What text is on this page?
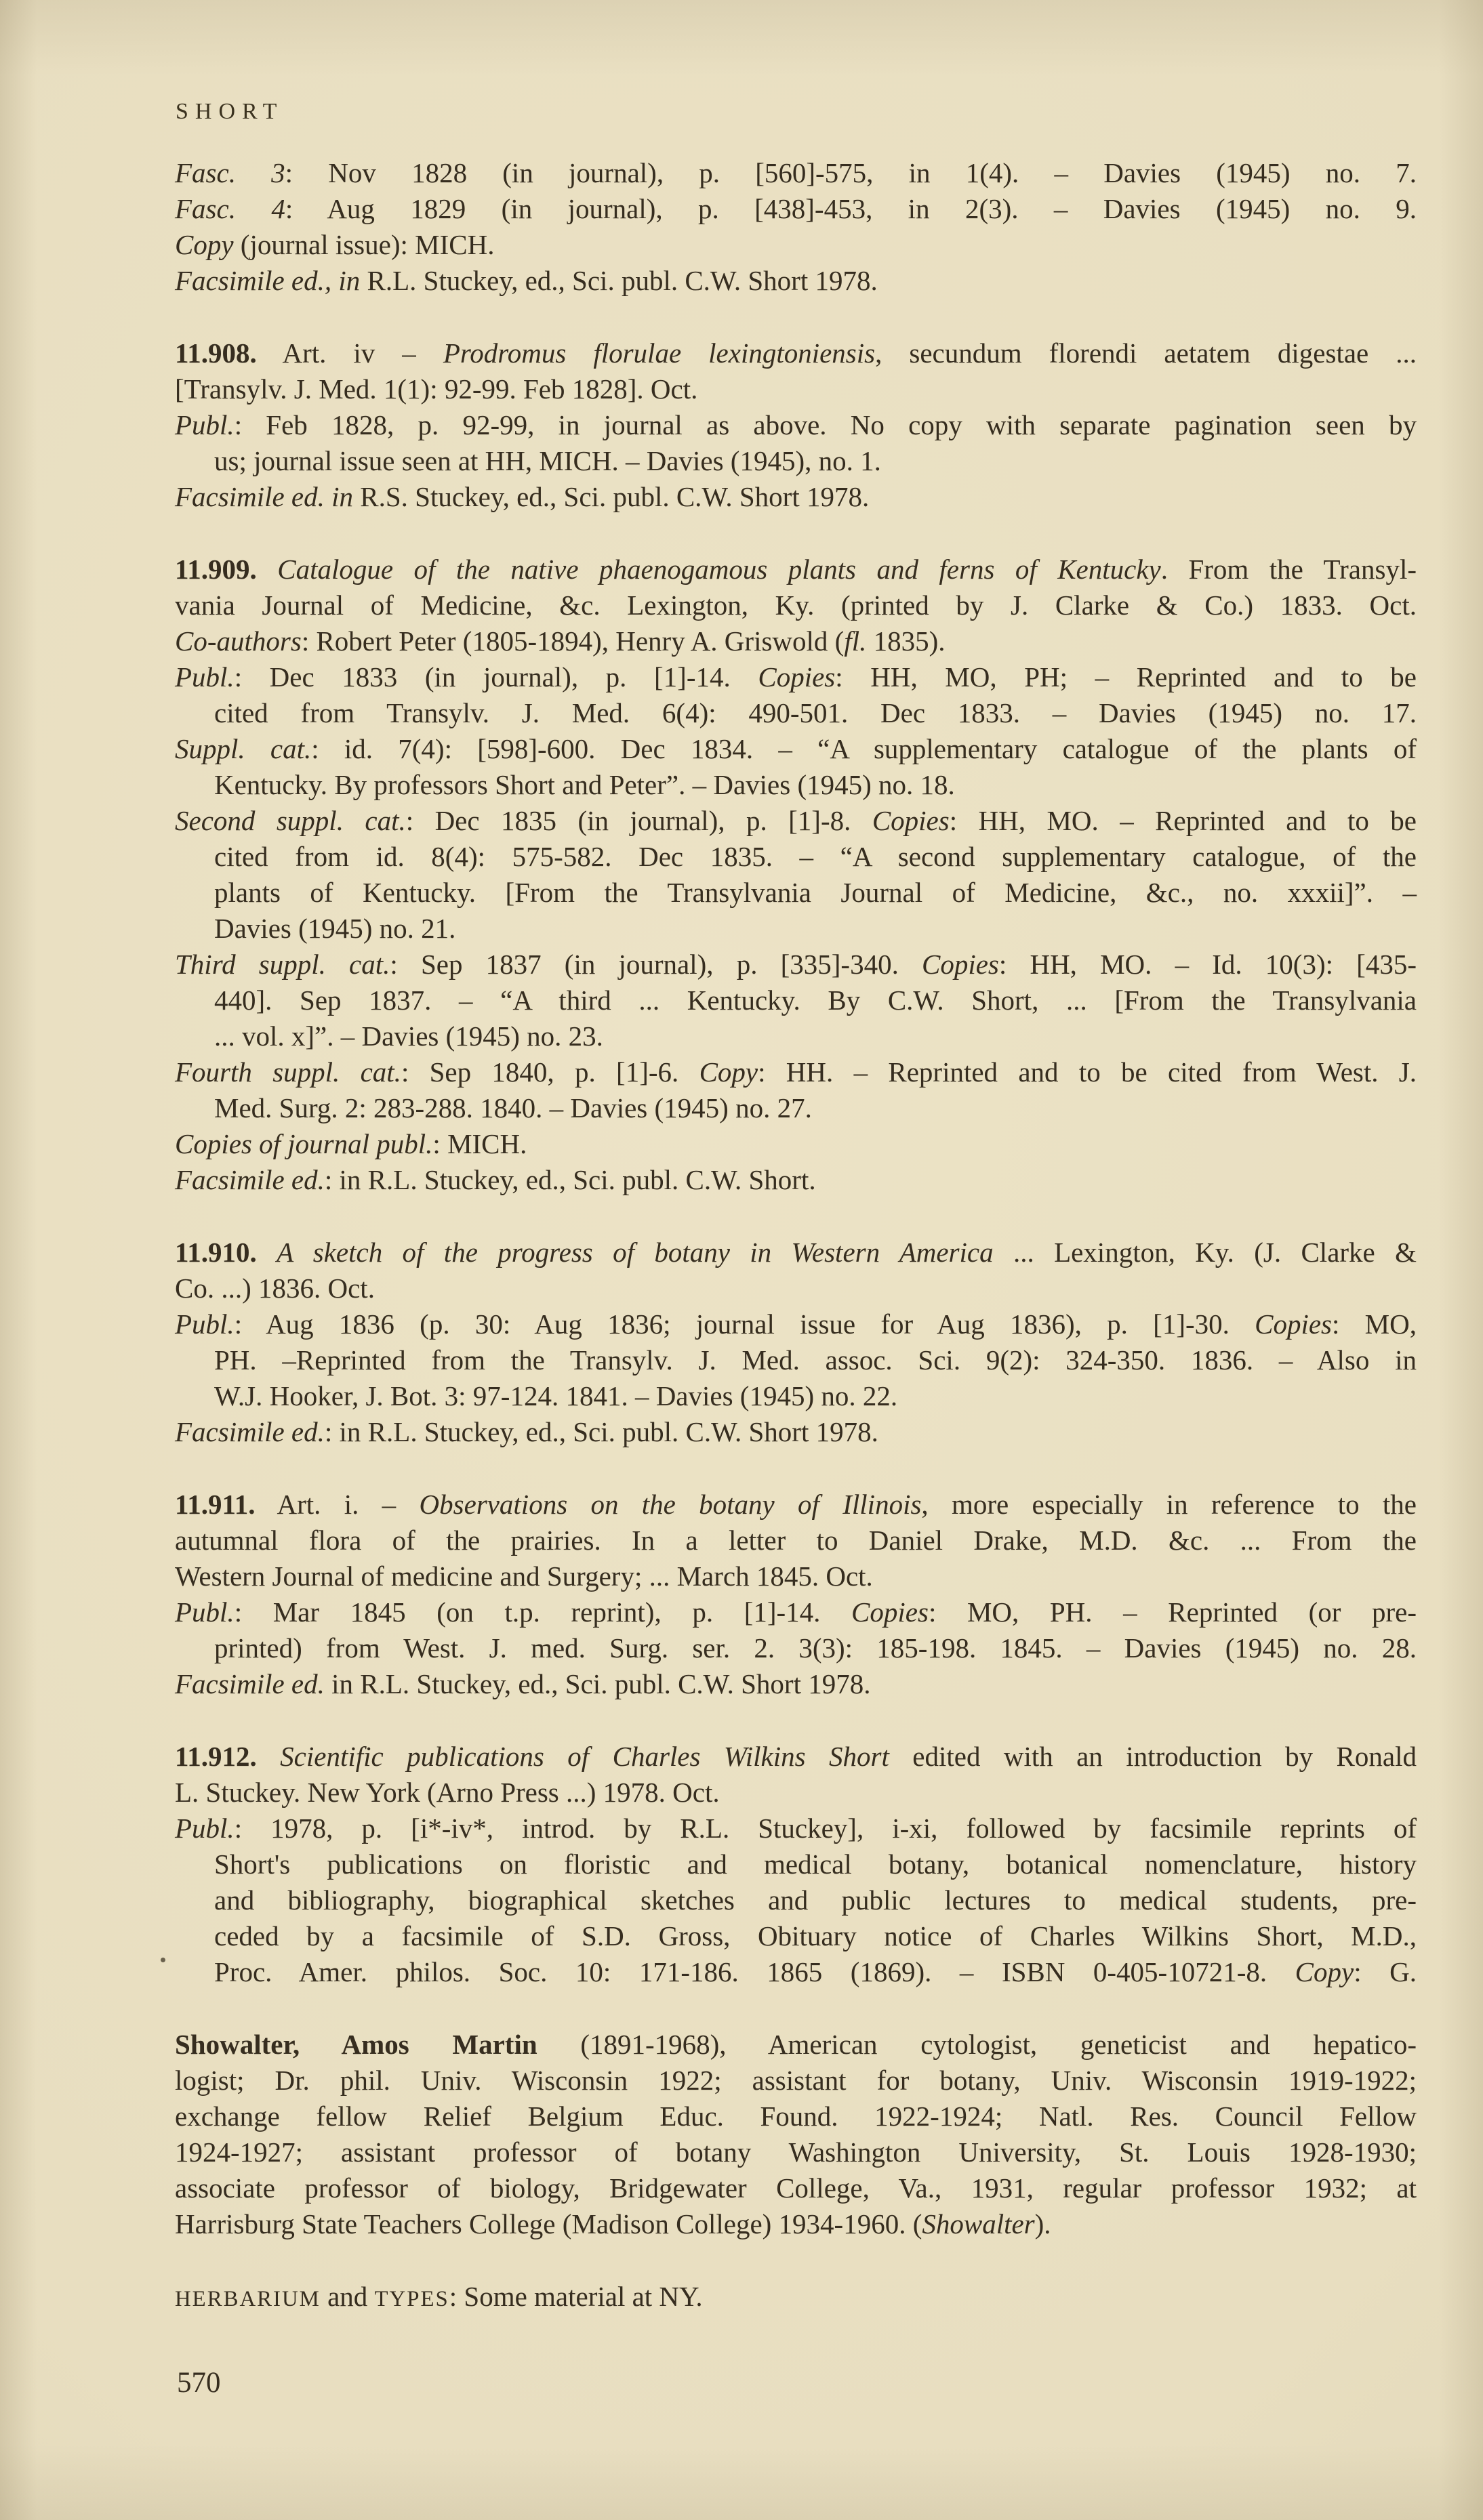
SHORT
Fasc. 3: Nov 1828 (in journal), p. [560]-575, in 1(4). – Davies (1945) no. 7.
Fasc. 4: Aug 1829 (in journal), p. [438]-453, in 2(3). – Davies (1945) no. 9.
Copy (journal issue): MICH.
Facsimile ed., in R.L. Stuckey, ed., Sci. publ. C.W. Short 1978.
11.908. Art. iv – Prodromus florulae lexingtoniensis, secundum florendi aetatem digestae ...
[Transylv. J. Med. 1(1): 92-99. Feb 1828]. Oct.
Publ.: Feb 1828, p. 92-99, in journal as above. No copy with separate pagination seen by
us; journal issue seen at HH, MICH. – Davies (1945), no. 1.
Facsimile ed. in R.S. Stuckey, ed., Sci. publ. C.W. Short 1978.
11.909. Catalogue of the native phaenogamous plants and ferns of Kentucky. From the Transyl-
vania Journal of Medicine, &c. Lexington, Ky. (printed by J. Clarke & Co.) 1833. Oct.
Co-authors: Robert Peter (1805-1894), Henry A. Griswold (fl. 1835).
Publ.: Dec 1833 (in journal), p. [1]-14. Copies: HH, MO, PH; – Reprinted and to be
cited from Transylv. J. Med. 6(4): 490-501. Dec 1833. – Davies (1945) no. 17.
Suppl. cat.: id. 7(4): [598]-600. Dec 1834. – “A supplementary catalogue of the plants of
Kentucky. By professors Short and Peter”. – Davies (1945) no. 18.
Second suppl. cat.: Dec 1835 (in journal), p. [1]-8. Copies: HH, MO. – Reprinted and to be
cited from id. 8(4): 575-582. Dec 1835. – “A second supplementary catalogue, of the
plants of Kentucky. [From the Transylvania Journal of Medicine, &c., no. xxxii]”. –
Davies (1945) no. 21.
Third suppl. cat.: Sep 1837 (in journal), p. [335]-340. Copies: HH, MO. – Id. 10(3): [435-
440]. Sep 1837. – “A third ... Kentucky. By C.W. Short, ... [From the Transylvania
... vol. x]”. – Davies (1945) no. 23.
Fourth suppl. cat.: Sep 1840, p. [1]-6. Copy: HH. – Reprinted and to be cited from West. J.
Med. Surg. 2: 283-288. 1840. – Davies (1945) no. 27.
Copies of journal publ.: MICH.
Facsimile ed.: in R.L. Stuckey, ed., Sci. publ. C.W. Short.
11.910. A sketch of the progress of botany in Western America ... Lexington, Ky. (J. Clarke &
Co. ...) 1836. Oct.
Publ.: Aug 1836 (p. 30: Aug 1836; journal issue for Aug 1836), p. [1]-30. Copies: MO,
PH. –Reprinted from the Transylv. J. Med. assoc. Sci. 9(2): 324-350. 1836. – Also in
W.J. Hooker, J. Bot. 3: 97-124. 1841. – Davies (1945) no. 22.
Facsimile ed.: in R.L. Stuckey, ed., Sci. publ. C.W. Short 1978.
11.911. Art. i. – Observations on the botany of Illinois, more especially in reference to the
autumnal flora of the prairies. In a letter to Daniel Drake, M.D. &c. ... From the
Western Journal of medicine and Surgery; ... March 1845. Oct.
Publ.: Mar 1845 (on t.p. reprint), p. [1]-14. Copies: MO, PH. – Reprinted (or pre-
printed) from West. J. med. Surg. ser. 2. 3(3): 185-198. 1845. – Davies (1945) no. 28.
Facsimile ed. in R.L. Stuckey, ed., Sci. publ. C.W. Short 1978.
11.912. Scientific publications of Charles Wilkins Short edited with an introduction by Ronald
L. Stuckey. New York (Arno Press ...) 1978. Oct.
Publ.: 1978, p. [i*-iv*, introd. by R.L. Stuckey], i-xi, followed by facsimile reprints of
Short's publications on floristic and medical botany, botanical nomenclature, history
and bibliography, biographical sketches and public lectures to medical students, pre-
ceded by a facsimile of S.D. Gross, Obituary notice of Charles Wilkins Short, M.D.,
Proc. Amer. philos. Soc. 10: 171-186. 1865 (1869). – ISBN 0-405-10721-8. Copy: G.
Showalter, Amos Martin (1891-1968), American cytologist, geneticist and hepatico-
logist; Dr. phil. Univ. Wisconsin 1922; assistant for botany, Univ. Wisconsin 1919-1922;
exchange fellow Relief Belgium Educ. Found. 1922-1924; Natl. Res. Council Fellow
1924-1927; assistant professor of botany Washington University, St. Louis 1928-1930;
associate professor of biology, Bridgewater College, Va., 1931, regular professor 1932; at
Harrisburg State Teachers College (Madison College) 1934-1960. (Showalter).
HERBARIUM and TYPES: Some material at NY.
570
